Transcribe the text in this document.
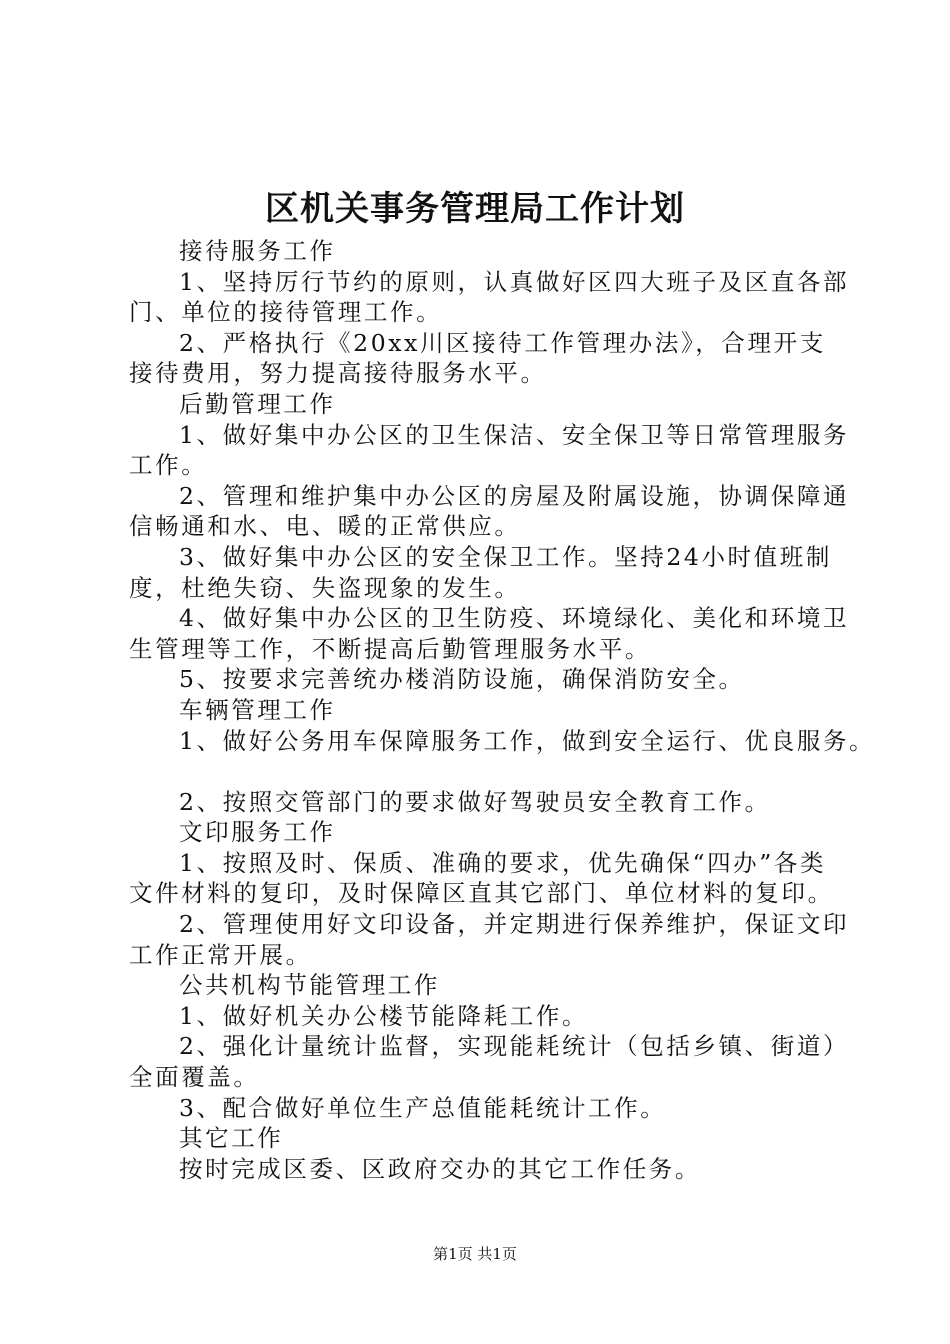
区机关事务管理局工作计划
接待服务工作
1、坚持厉行节约的原则，认真做好区四大班子及区直各部
门、单位的接待管理工作。
2、严格执行《20xx川区接待工作管理办法》，合理开支
接待费用，努力提高接待服务水平。
后勤管理工作
1、做好集中办公区的卫生保洁、安全保卫等日常管理服务
工作。
2、管理和维护集中办公区的房屋及附属设施，协调保障通
信畅通和水、电、暖的正常供应。
3、做好集中办公区的安全保卫工作。坚持24小时值班制
度，杜绝失窃、失盗现象的发生。
4、做好集中办公区的卫生防疫、环境绿化、美化和环境卫
生管理等工作，不断提高后勤管理服务水平。
5、按要求完善统办楼消防设施，确保消防安全。
车辆管理工作
1、做好公务用车保障服务工作，做到安全运行、优良服务。
2、按照交管部门的要求做好驾驶员安全教育工作。
文印服务工作
1、按照及时、保质、准确的要求，优先确保“四办”各类
文件材料的复印，及时保障区直其它部门、单位材料的复印。
2、管理使用好文印设备，并定期进行保养维护，保证文印
工作正常开展。
公共机构节能管理工作
1、做好机关办公楼节能降耗工作。
2、强化计量统计监督，实现能耗统计（包括乡镇、街道）
全面覆盖。
3、配合做好单位生产总值能耗统计工作。
其它工作
按时完成区委、区政府交办的其它工作任务。
第1页 共1页
